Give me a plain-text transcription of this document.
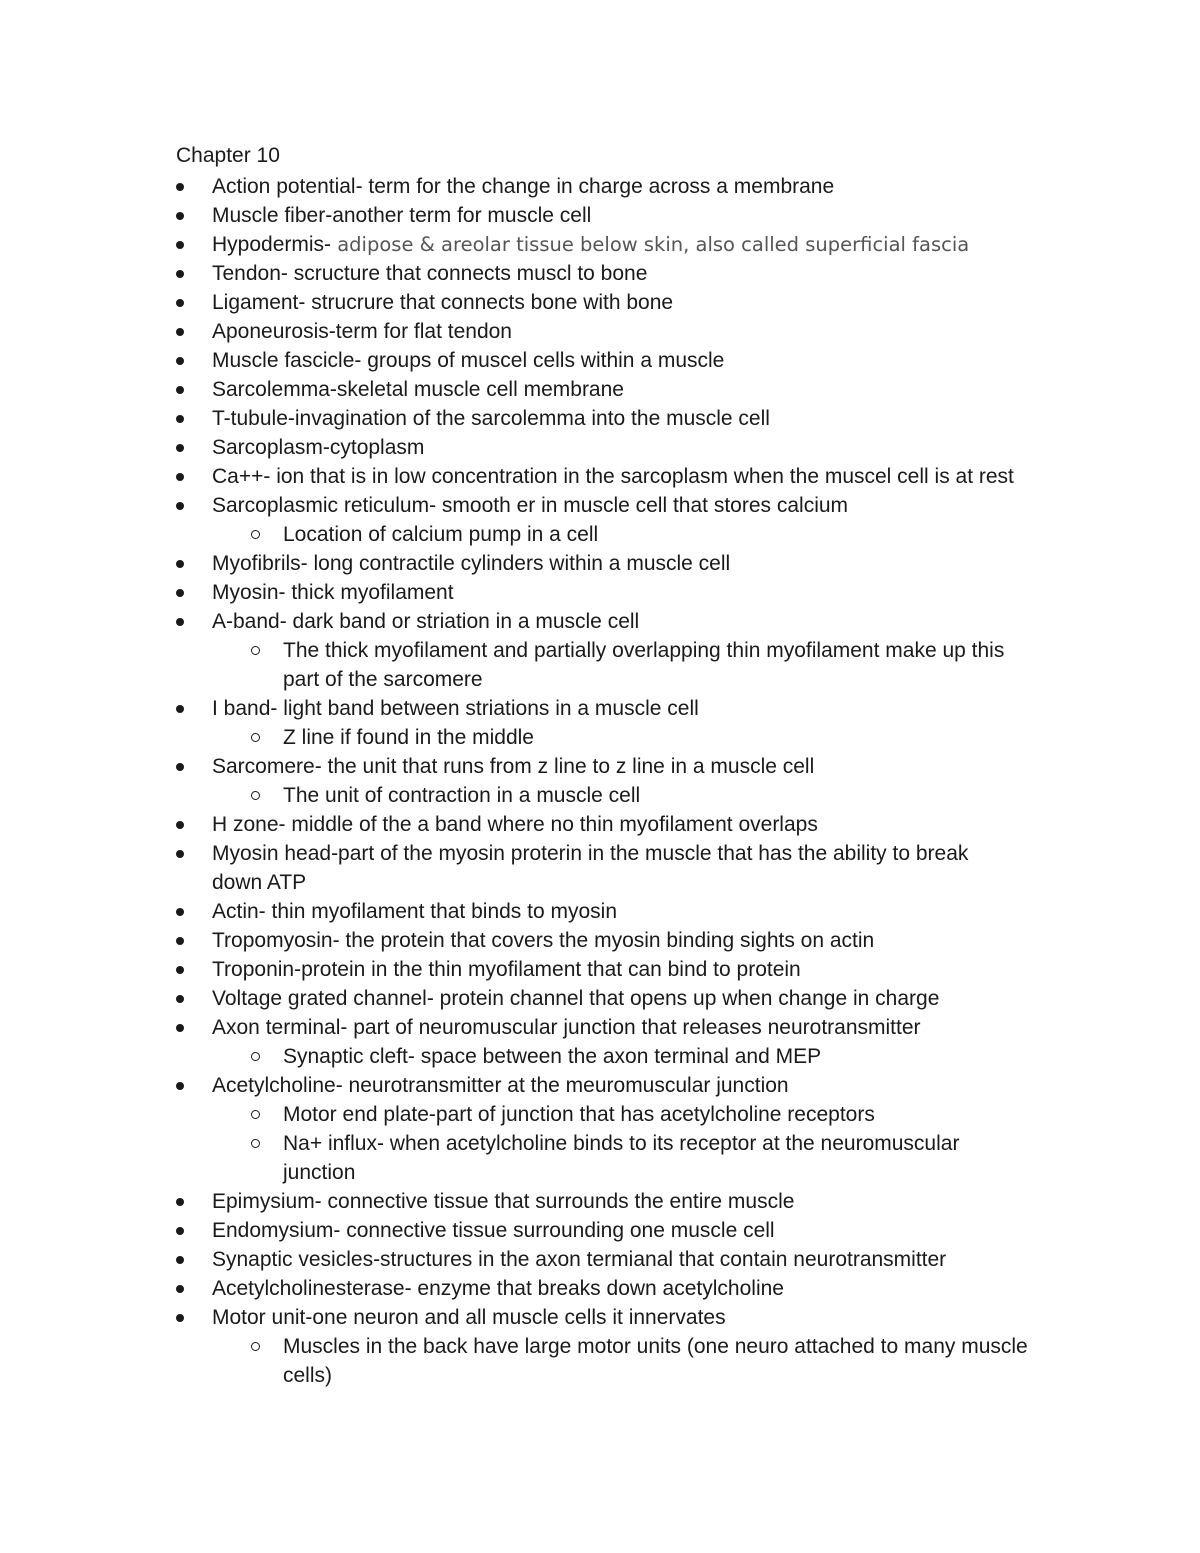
Chapter 10
Action potential- term for the change in charge across a membrane
Muscle fiber-another term for muscle cell
Hypodermis- adipose & areolar tissue below skin, also called superficial fascia
Tendon- scructure that connects muscl to bone
Ligament- strucrure that connects bone with bone
Aponeurosis-term for flat tendon
Muscle fascicle- groups of muscel cells within a muscle
Sarcolemma-skeletal muscle cell membrane
T-tubule-invagination of the sarcolemma into the muscle cell
Sarcoplasm-cytoplasm
Ca++- ion that is in low concentration in the sarcoplasm when the muscel cell is at rest
Sarcoplasmic reticulum- smooth er in muscle cell that stores calcium
Location of calcium pump in a cell
Myofibrils- long contractile cylinders within a muscle cell
Myosin- thick myofilament
A-band- dark band or striation in a muscle cell
The thick myofilament and partially overlapping thin myofilament make up this
part of the sarcomere
I band- light band between striations in a muscle cell
Z line if found in the middle
Sarcomere- the unit that runs from z line to z line in a muscle cell
The unit of contraction in a muscle cell
H zone- middle of the a band where no thin myofilament overlaps
Myosin head-part of the myosin proterin in the muscle that has the ability to break
down ATP
Actin- thin myofilament that binds to myosin
Tropomyosin- the protein that covers the myosin binding sights on actin
Troponin-protein in the thin myofilament that can bind to protein
Voltage grated channel- protein channel that opens up when change in charge
Axon terminal- part of neuromuscular junction that releases neurotransmitter
Synaptic cleft- space between the axon terminal and MEP
Acetylcholine- neurotransmitter at the meuromuscular junction
Motor end plate-part of junction that has acetylcholine receptors
Na+ influx- when acetylcholine binds to its receptor at the neuromuscular
junction
Epimysium- connective tissue that surrounds the entire muscle
Endomysium- connective tissue surrounding one muscle cell
Synaptic vesicles-structures in the axon termianal that contain neurotransmitter
Acetylcholinesterase- enzyme that breaks down acetylcholine
Motor unit-one neuron and all muscle cells it innervates
Muscles in the back have large motor units (one neuro attached to many muscle
cells)
